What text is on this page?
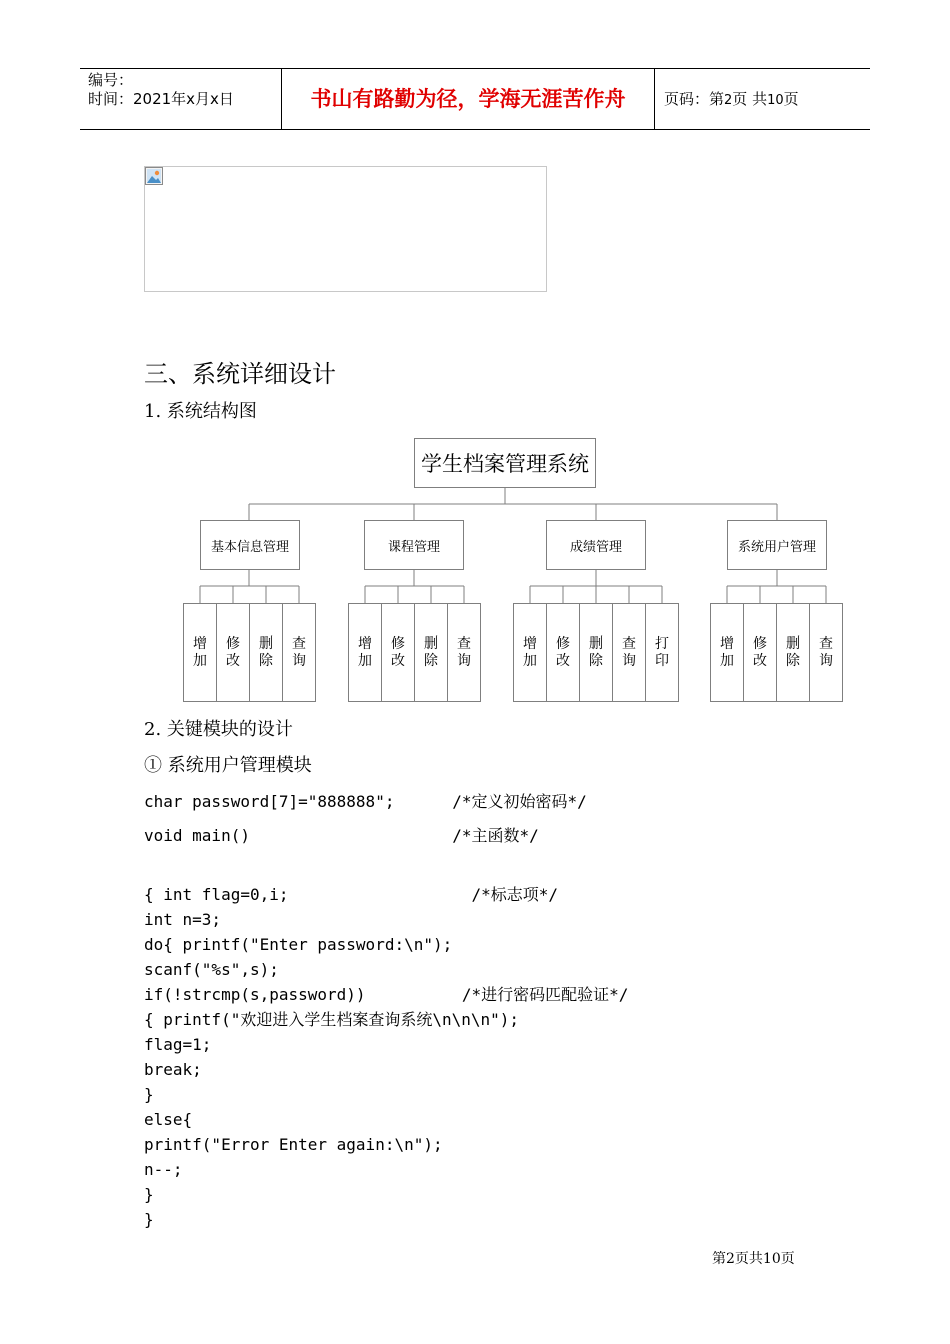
编号：
时间：2021年x月x日	书山有路勤为径，学海无涯苦作舟	页码：第2页 共10页
三、系统详细设计
1. 系统结构图
学生档案管理系统
基本信息管理	课程管理	成绩管理	系统用户管理
增
加
修
改
删
除
查
询
增
加
修
改
删
除
查
询
增
加
修
改
删
除
查
询
打
印
增
加
修
改
删
除
查
询
2. 关键模块的设计
① 系统用户管理模块
char password[7]="888888";      /*定义初始密码*/
void main()                     /*主函数*/

{ int flag=0,i;                   /*标志项*/
int n=3;
do{ printf("Enter password:\n");
scanf("%s",s);
if(!strcmp(s,password))          /*进行密码匹配验证*/
{ printf("欢迎进入学生档案查询系统\n\n\n");
flag=1;
break;
}
else{
printf("Error Enter again:\n");
n--;
}
}

第2页共10页
